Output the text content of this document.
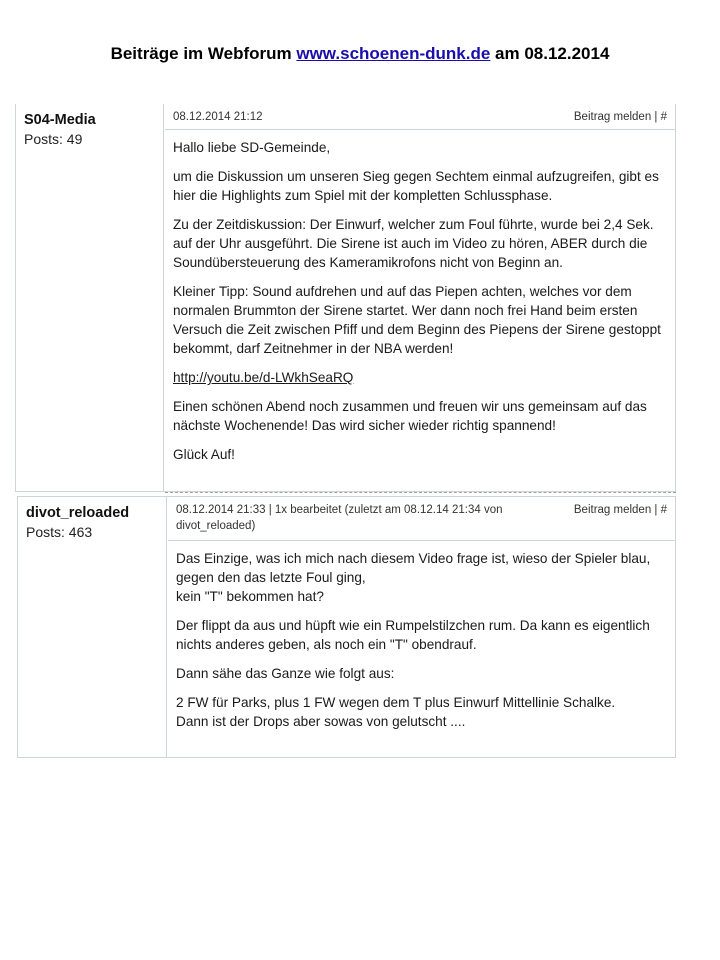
Beiträge im Webforum www.schoenen-dunk.de am 08.12.2014
S04-Media
Posts: 49
08.12.2014 21:12	Beitrag melden | #

Hallo liebe SD-Gemeinde,

um die Diskussion um unseren Sieg gegen Sechtem einmal aufzugreifen, gibt es hier die Highlights zum Spiel mit der kompletten Schlussphase.

Zu der Zeitdiskussion: Der Einwurf, welcher zum Foul führte, wurde bei 2,4 Sek. auf der Uhr ausgeführt. Die Sirene ist auch im Video zu hören, ABER durch die Soundübersteuerung des Kameramikrofons nicht von Beginn an.

Kleiner Tipp: Sound aufdrehen und auf das Piepen achten, welches vor dem normalen Brummton der Sirene startet. Wer dann noch frei Hand beim ersten Versuch die Zeit zwischen Pfiff und dem Beginn des Piepens der Sirene gestoppt bekommt, darf Zeitnehmer in der NBA werden!

http://youtu.be/d-LWkhSeaRQ

Einen schönen Abend noch zusammen und freuen wir uns gemeinsam auf das nächste Wochenende! Das wird sicher wieder richtig spannend!

Glück Auf!

divot_reloaded
Posts: 463
08.12.2014 21:33 | 1x bearbeitet (zuletzt am 08.12.14 21:34 von divot_reloaded)
Beitrag melden | #

Das Einzige, was ich mich nach diesem Video frage ist, wieso der Spieler blau, gegen den das letzte Foul ging,
kein "T" bekommen hat?

Der flippt da aus und hüpft wie ein Rumpelstilzchen rum. Da kann es eigentlich nichts anderes geben, als noch ein "T" obendrauf.

Dann sähe das Ganze wie folgt aus:

2 FW für Parks, plus 1 FW wegen dem T plus Einwurf Mittellinie Schalke.
Dann ist der Drops aber sowas von gelutscht ....
